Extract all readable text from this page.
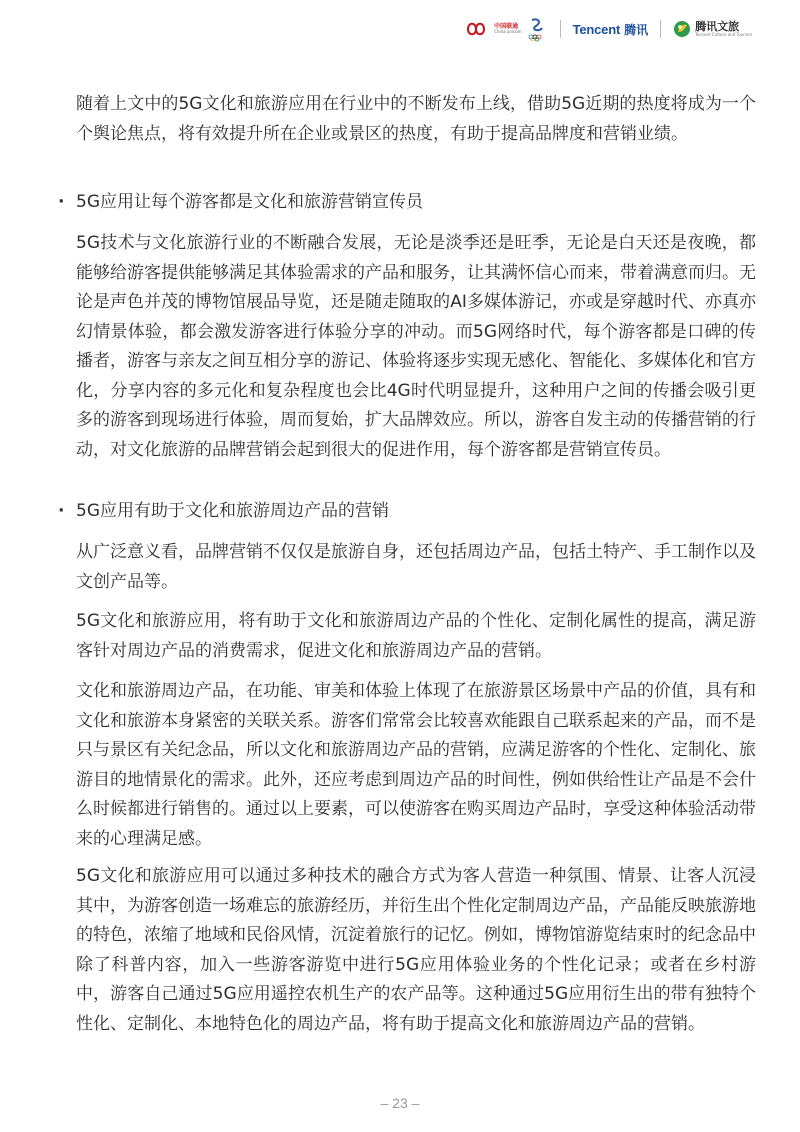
中国联通
China unicom	Tencent 腾讯	腾讯文旅
Tencent Culture and Tourism

随着上文中的5G文化和旅游应用在行业中的不断发布上线，借助5G近期的热度将成为一个个舆论焦点，将有效提升所在企业或景区的热度，有助于提高品牌度和营销业绩。

· 5G应用让每个游客都是文化和旅游营销宣传员

5G技术与文化旅游行业的不断融合发展，无论是淡季还是旺季，无论是白天还是夜晚，都能够给游客提供能够满足其体验需求的产品和服务，让其满怀信心而来，带着满意而归。无论是声色并茂的博物馆展品导览，还是随走随取的AI多媒体游记，亦或是穿越时代、亦真亦幻情景体验，都会激发游客进行体验分享的冲动。而5G网络时代，每个游客都是口碑的传播者，游客与亲友之间互相分享的游记、体验将逐步实现无感化、智能化、多媒体化和官方化，分享内容的多元化和复杂程度也会比4G时代明显提升，这种用户之间的传播会吸引更多的游客到现场进行体验，周而复始，扩大品牌效应。所以，游客自发主动的传播营销的行动，对文化旅游的品牌营销会起到很大的促进作用，每个游客都是营销宣传员。

· 5G应用有助于文化和旅游周边产品的营销

从广泛意义看，品牌营销不仅仅是旅游自身，还包括周边产品，包括土特产、手工制作以及文创产品等。

5G文化和旅游应用，将有助于文化和旅游周边产品的个性化、定制化属性的提高，满足游客针对周边产品的消费需求，促进文化和旅游周边产品的营销。

文化和旅游周边产品，在功能、审美和体验上体现了在旅游景区场景中产品的价值，具有和文化和旅游本身紧密的关联关系。游客们常常会比较喜欢能跟自己联系起来的产品，而不是只与景区有关纪念品，所以文化和旅游周边产品的营销，应满足游客的个性化、定制化、旅游目的地情景化的需求。此外，还应考虑到周边产品的时间性，例如供给性让产品是不会什么时候都进行销售的。通过以上要素，可以使游客在购买周边产品时，享受这种体验活动带来的心理满足感。

5G文化和旅游应用可以通过多种技术的融合方式为客人营造一种氛围、情景、让客人沉浸其中，为游客创造一场难忘的旅游经历，并衍生出个性化定制周边产品，产品能反映旅游地的特色，浓缩了地域和民俗风情，沉淀着旅行的记忆。例如，博物馆游览结束时的纪念品中除了科普内容，加入一些游客游览中进行5G应用体验业务的个性化记录；或者在乡村游中，游客自己通过5G应用遥控农机生产的农产品等。这种通过5G应用衍生出的带有独特个性化、定制化、本地特色化的周边产品，将有助于提高文化和旅游周边产品的营销。

– 23 –
